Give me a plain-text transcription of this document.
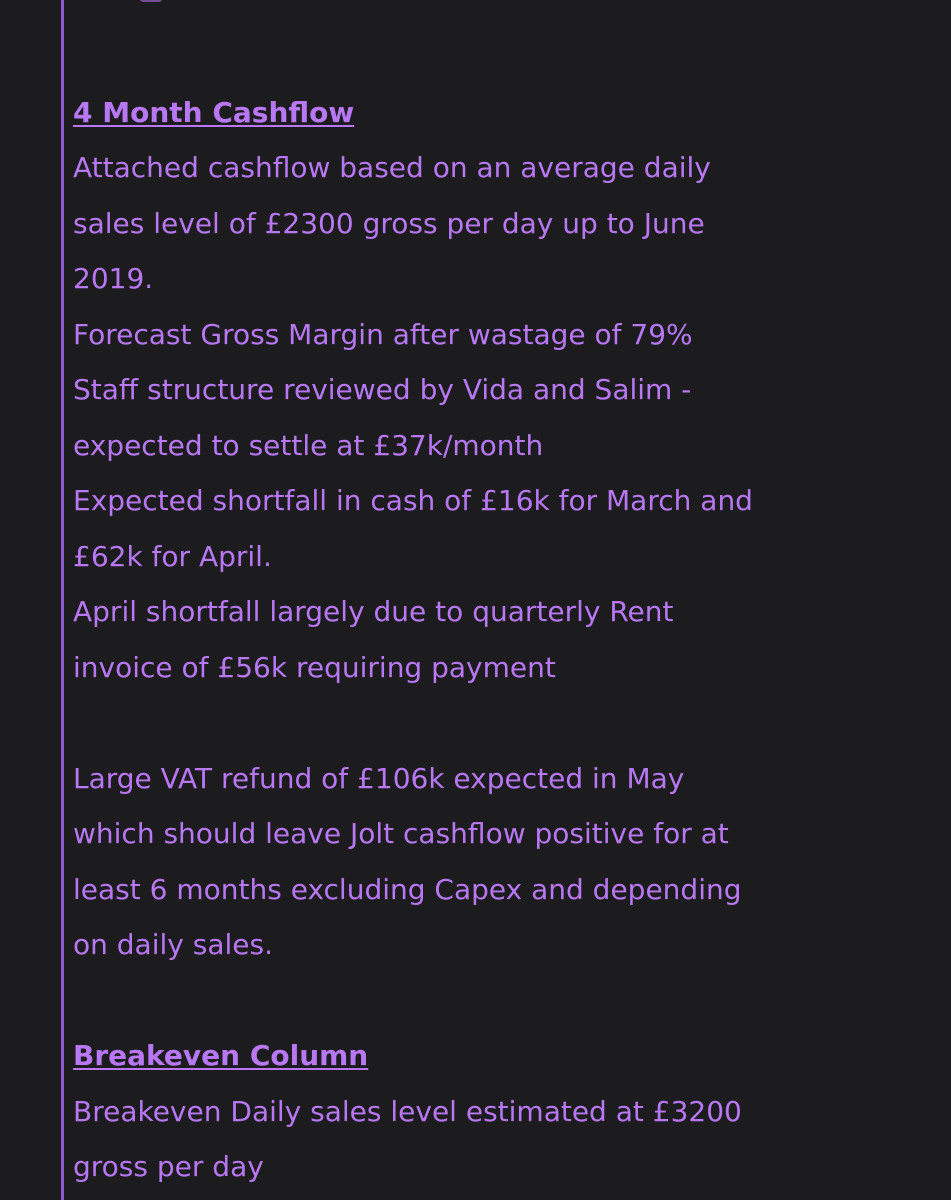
4 Month Cashflow
Attached cashflow based on an average daily
sales level of £2300 gross per day up to June
2019.
Forecast Gross Margin after wastage of 79%
Staff structure reviewed by Vida and Salim -
expected to settle at £37k/month
Expected shortfall in cash of £16k for March and
£62k for April.
April shortfall largely due to quarterly Rent
invoice of £56k requiring payment
Large VAT refund of £106k expected in May
which should leave Jolt cashflow positive for at
least 6 months excluding Capex and depending
on daily sales.
Breakeven Column
Breakeven Daily sales level estimated at £3200
gross per day
